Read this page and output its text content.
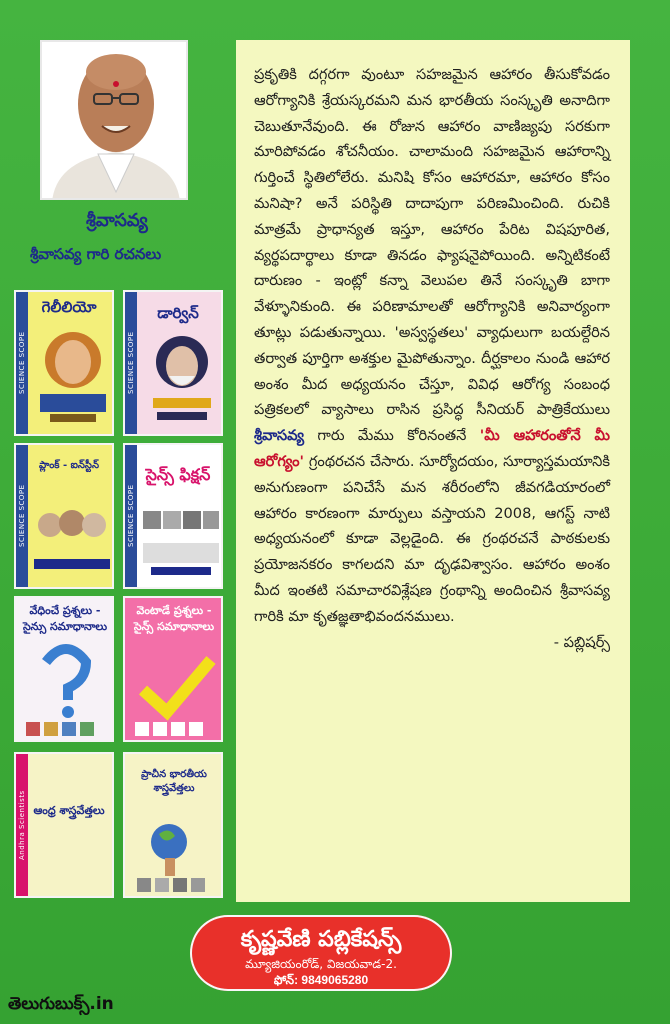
శ్రీవాసవ్య
శ్రీవాసవ్య గారి రచనలు
SCIENCE SCOPE
గెలీలియో
SCIENCE SCOPE
డార్విన్
SCIENCE SCOPE
ప్లాంక్ - ఐన్‌స్టీన్
SCIENCE SCOPE
సైన్స్ ఫిక్షన్
వేధించే ప్రశ్నలు - సైన్సు సమాధానాలు
వెంటాడే ప్రశ్నలు - సైన్స్ సమాధానాలు
Andhra Scientists ఆంధ్ర శాస్త్రవేత్తలు
ప్రాచీన భారతీయ శాస్త్రవేత్తలు

ప్రకృతికి దగ్గరగా వుంటూ సహజమైన ఆహారం తీసుకోవడం ఆరోగ్యానికి శ్రేయస్కరమని మన భారతీయ సంస్కృతి అనాదిగా చెబుతూనేవుంది. ఈ రోజున ఆహారం వాణిజ్యపు సరకుగా మారిపోవడం శోచనీయం. చాలామంది సహజమైన ఆహారాన్ని గుర్తించే స్థితిలోలేరు. మనిషి కోసం ఆహారమా, ఆహారం కోసం మనిషా? అనే పరిస్థితి దాదాపుగా పరిణమించింది. రుచికి మాత్రమే ప్రాధాన్యత ఇస్తూ, ఆహారం పేరిట విషపూరిత, వ్యర్థపదార్థాలు కూడా తినడం ఫ్యాషనైపోయింది. అన్నిటికంటే దారుణం - ఇంట్లో కన్నా వెలుపల తినే సంస్కృతి బాగా వేళ్ళూనికుంది. ఈ పరిణామాలతో ఆరోగ్యానికి అనివార్యంగా తూట్లు పడుతున్నాయి. 'అస్వస్థతలు' వ్యాధులుగా బయల్దేరిన తర్వాత పూర్తిగా అశక్తుల మైపోతున్నాం. దీర్ఘకాలం నుండి ఆహార అంశం మీద అధ్యయనం చేస్తూ, వివిధ ఆరోగ్య సంబంధ పత్రికలలో వ్యాసాలు రాసిన ప్రసిద్ధ సీనియర్ పాత్రికేయులు శ్రీవాసవ్య గారు మేము కోరినంతనే 'మీ ఆహారంతోనే మీ ఆరోగ్యం' గ్రంథరచన చేసారు. సూర్యోదయం, సూర్యాస్తమయానికి అనుగుణంగా పనిచేసే మన శరీరంలోని జీవగడియారంలో ఆహారం కారణంగా మార్పులు వస్తాయని 2008, ఆగస్ట్ నాటి అధ్యయనంలో కూడా వెల్లడైంది. ఈ గ్రంథరచనే పాఠకులకు ప్రయోజనకరం కాగలదని మా దృఢవిశ్వాసం. ఆహారం అంశం మీద ఇంతటి సమాచారవిశ్లేషణ గ్రంథాన్ని అందించిన శ్రీవాసవ్య గారికి మా కృతజ్ఞతాభివందనములు.
- పబ్లిషర్స్

కృష్ణవేణి పబ్లికేషన్స్
మ్యూజియంరోడ్, విజయవాడ-2.
ఫోన్: 9849065280
తెలుగుబుక్స్.in
